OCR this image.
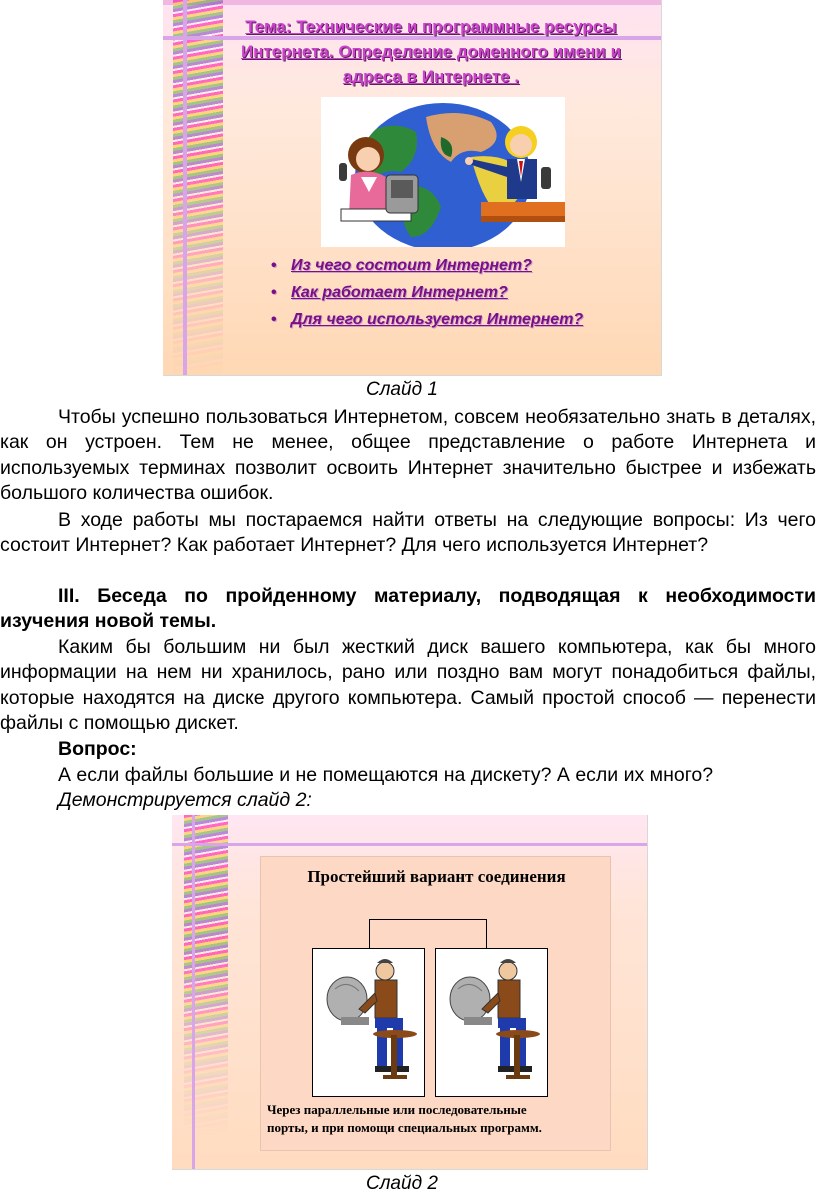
Тема: Технические и программные ресурсы Интернета. Определение доменного имени и адреса в Интернете .
• Из чего состоит Интернет?
• Как работает Интернет?
• Для чего используется Интернет?
Слайд 1

Чтобы успешно пользоваться Интернетом, совсем необязательно знать в деталях, как он устроен. Тем не менее, общее представление о работе Интернета и используемых терминах позволит освоить Интернет значительно быстрее и избежать большого количества ошибок.

В ходе работы мы постараемся найти ответы на следующие вопросы: Из чего состоит Интернет? Как работает Интернет? Для чего используется Интернет?

III. Беседа по пройденному материалу, подводящая к необходимости изучения новой темы.

Каким бы большим ни был жесткий диск вашего компьютера, как бы много информации на нем ни хранилось, рано или поздно вам могут понадобиться файлы, которые находятся на диске другого компьютера. Самый простой способ — перенести файлы с помощью дискет.

Вопрос:

А если файлы большие и не помещаются на дискету? А если их много?

Демонстрируется слайд 2:

Простейший вариант соединения
Через параллельные или последовательные
порты, и при помощи специальных программ.
Слайд 2
